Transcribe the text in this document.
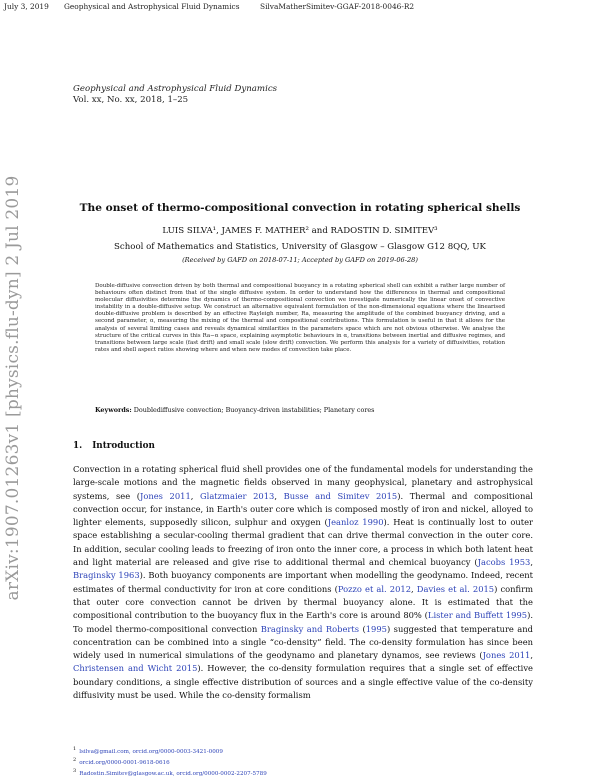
July 3, 2019 Geophysical and Astrophysical Fluid Dynamics	SilvaMatherSimitev-GGAF-2018-0046-R2
arXiv:1907.01263v1 [physics.flu-dyn] 2 Jul 2019
Geophysical and Astrophysical Fluid Dynamics
Vol. xx, No. xx, 2018, 1–25
The onset of thermo-compositional convection in rotating spherical shells
LUIS SILVA¹, JAMES F. MATHER² and RADOSTIN D. SIMITEV³
School of Mathematics and Statistics, University of Glasgow – Glasgow G12 8QQ, UK
(Received by GAFD on 2018-07-11; Accepted by GAFD on 2019-06-28)
Double-diffusive convection driven by both thermal and compositional buoyancy in a rotating spherical shell can exhibit a rather large number of behaviours often distinct from that of the single diffusive system. In order to understand how the differences in thermal and compositional molecular diffusivities determine the dynamics of thermo-compositional convection we investigate numerically the linear onset of convective instability in a double-diffusive setup. We construct an alternative equivalent formulation of the non-dimensional equations where the linearised double-diffusive problem is described by an effective Rayleigh number, Ra, measuring the amplitude of the combined buoyancy driving, and a second parameter, α, measuring the mixing of the thermal and compositional contributions. This formulation is useful in that it allows for the analysis of several limiting cases and reveals dynamical similarities in the parameters space which are not obvious otherwise. We analyse the structure of the critical curves in this Ra−α space, explaining asymptotic behaviours in α, transitions between inertial and diffusive regimes, and transitions between large scale (fast drift) and small scale (slow drift) convection. We perform this analysis for a variety of diffusivities, rotation rates and shell aspect ratios showing where and when new modes of convection take place.
Keywords: Doublediffusive convection; Buoyancy-driven instabilities; Planetary cores
1. Introduction
Convection in a rotating spherical fluid shell provides one of the fundamental models for understanding the large-scale motions and the magnetic fields observed in many geophysical, planetary and astrophysical systems, see (Jones 2011, Glatzmaier 2013, Busse and Simitev 2015). Thermal and compositional convection occur, for instance, in Earth's outer core which is composed mostly of iron and nickel, alloyed to lighter elements, supposedly silicon, sulphur and oxygen (Jeanloz 1990). Heat is continually lost to outer space establishing a secular-cooling thermal gradient that can drive thermal convection in the outer core. In addition, secular cooling leads to freezing of iron onto the inner core, a process in which both latent heat and light material are released and give rise to additional thermal and chemical buoyancy (Jacobs 1953, Braginsky 1963). Both buoyancy components are important when modelling the geodynamo. Indeed, recent estimates of thermal conductivity for iron at core conditions (Pozzo et al. 2012, Davies et al. 2015) confirm that outer core convection cannot be driven by thermal buoyancy alone. It is estimated that the compositional contribution to the buoyancy flux in the Earth's core is around 80% (Lister and Buffett 1995). To model thermo-compositional convection Braginsky and Roberts (1995) suggested that temperature and concentration can be combined into a single “co-density” field. The co-density formulation has since been widely used in numerical simulations of the geodynamo and planetary dynamos, see reviews (Jones 2011, Christensen and Wicht 2015). However, the co-density formulation requires that a single set of effective boundary conditions, a single effective distribution of sources and a single effective value of the co-density diffusivity must be used. While the co-density formalism
$^1$ lsilva@gmail.com, orcid.org/0000-0003-3421-0009
$^2$ orcid.org/0000-0001-9618-0616
$^3$ Radostin.Simitev@glasgow.ac.uk, orcid.org/0000-0002-2207-5789
